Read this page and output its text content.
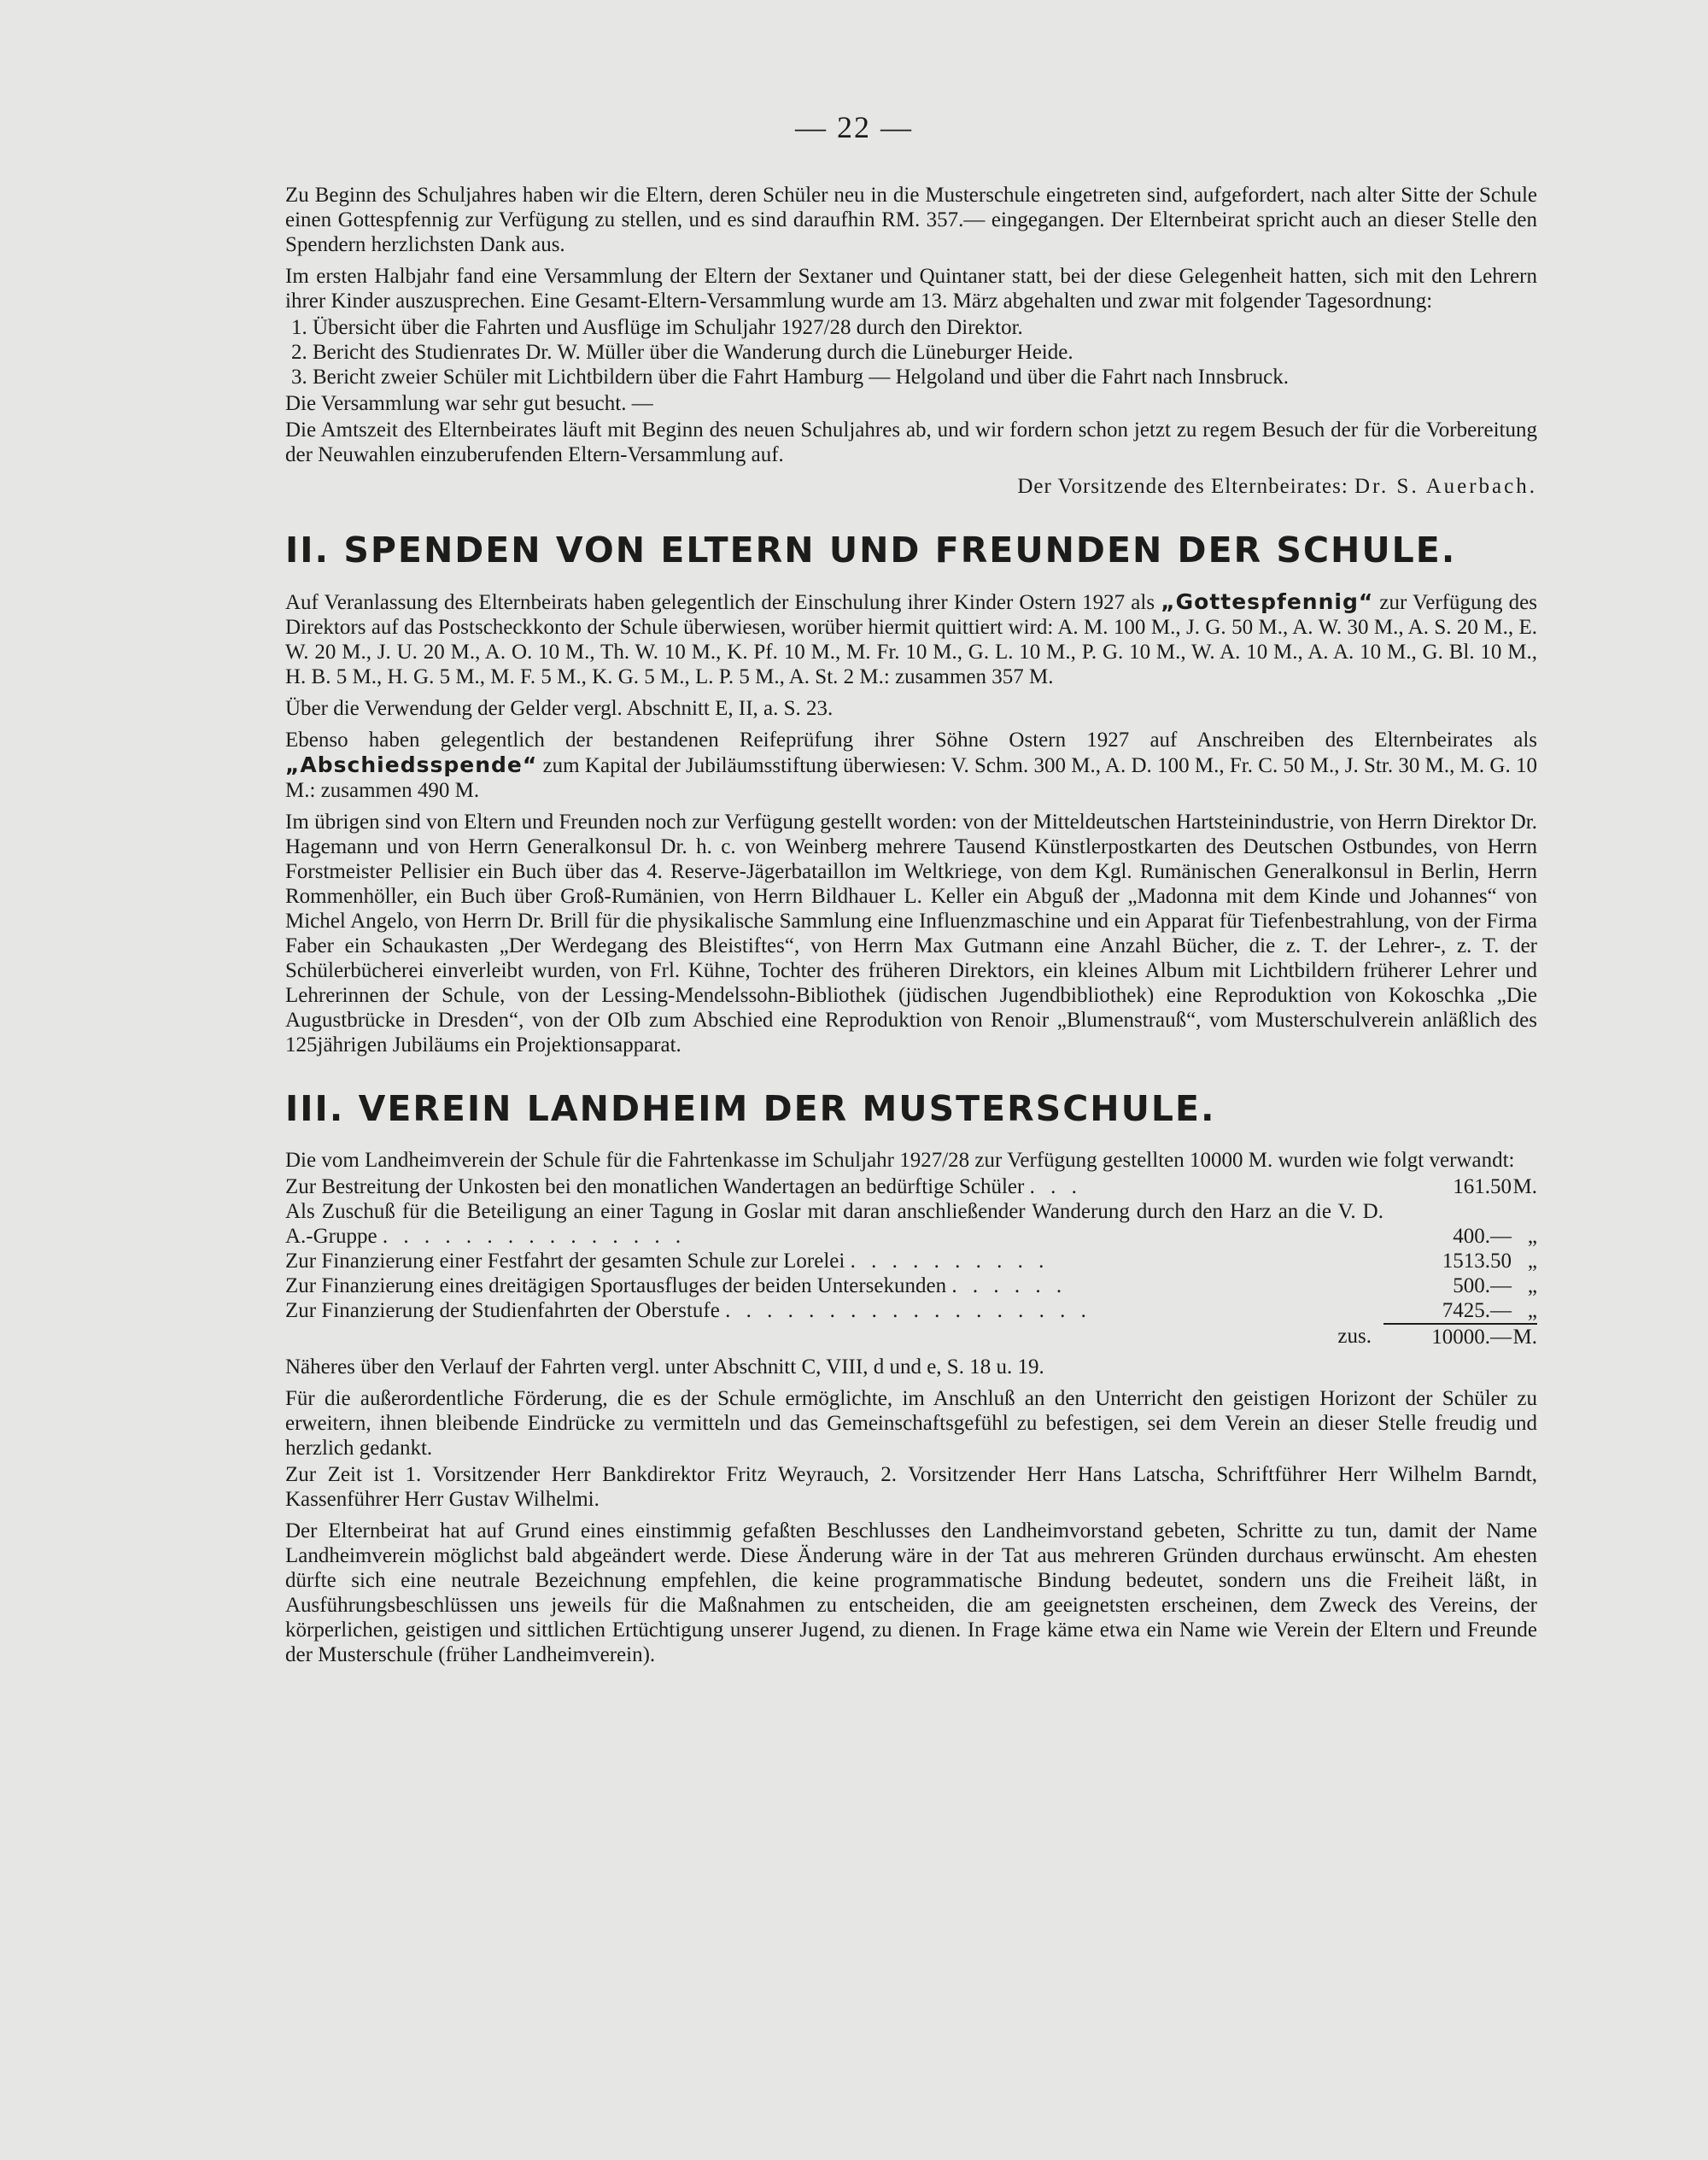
— 22 —

Zu Beginn des Schuljahres haben wir die Eltern, deren Schüler neu in die Musterschule eingetreten sind, aufgefordert, nach alter Sitte der Schule einen Gottespfennig zur Verfügung zu stellen, und es sind daraufhin RM. 357.— eingegangen. Der Elternbeirat spricht auch an dieser Stelle den Spendern herzlichsten Dank aus.

Im ersten Halbjahr fand eine Versammlung der Eltern der Sextaner und Quintaner statt, bei der diese Gelegenheit hatten, sich mit den Lehrern ihrer Kinder auszusprechen. Eine Gesamt-Eltern-Versammlung wurde am 13. März abgehalten und zwar mit folgender Tagesordnung:

1. Übersicht über die Fahrten und Ausflüge im Schuljahr 1927/28 durch den Direktor.
2. Bericht des Studienrates Dr. W. Müller über die Wanderung durch die Lüneburger Heide.
3. Bericht zweier Schüler mit Lichtbildern über die Fahrt Hamburg — Helgoland und über die Fahrt nach Innsbruck.

Die Versammlung war sehr gut besucht. —

Die Amtszeit des Elternbeirates läuft mit Beginn des neuen Schuljahres ab, und wir fordern schon jetzt zu regem Besuch der für die Vorbereitung der Neuwahlen einzuberufenden Eltern-Versammlung auf.

Der Vorsitzende des Elternbeirates: Dr. S. Auerbach.

II. SPENDEN VON ELTERN UND FREUNDEN DER SCHULE.

Auf Veranlassung des Elternbeirats haben gelegentlich der Einschulung ihrer Kinder Ostern 1927 als „Gottespfennig“ zur Verfügung des Direktors auf das Postscheckkonto der Schule überwiesen, worüber hiermit quittiert wird: A. M. 100 M., J. G. 50 M., A. W. 30 M., A. S. 20 M., E. W. 20 M., J. U. 20 M., A. O. 10 M., Th. W. 10 M., K. Pf. 10 M., M. Fr. 10 M., G. L. 10 M., P. G. 10 M., W. A. 10 M., A. A. 10 M., G. Bl. 10 M., H. B. 5 M., H. G. 5 M., M. F. 5 M., K. G. 5 M., L. P. 5 M., A. St. 2 M.: zusammen 357 M.

Über die Verwendung der Gelder vergl. Abschnitt E, II, a. S. 23.

Ebenso haben gelegentlich der bestandenen Reifeprüfung ihrer Söhne Ostern 1927 auf Anschreiben des Elternbeirates als „Abschiedsspende“ zum Kapital der Jubiläumsstiftung überwiesen: V. Schm. 300 M., A. D. 100 M., Fr. C. 50 M., J. Str. 30 M., M. G. 10 M.: zusammen 490 M.

Im übrigen sind von Eltern und Freunden noch zur Verfügung gestellt worden: von der Mitteldeutschen Hartsteinindustrie, von Herrn Direktor Dr. Hagemann und von Herrn Generalkonsul Dr. h. c. von Weinberg mehrere Tausend Künstlerpostkarten des Deutschen Ostbundes, von Herrn Forstmeister Pellisier ein Buch über das 4. Reserve-Jägerbataillon im Weltkriege, von dem Kgl. Rumänischen Generalkonsul in Berlin, Herrn Rommenhöller, ein Buch über Groß-Rumänien, von Herrn Bildhauer L. Keller ein Abguß der „Madonna mit dem Kinde und Johannes“ von Michel Angelo, von Herrn Dr. Brill für die physikalische Sammlung eine Influenzmaschine und ein Apparat für Tiefenbestrahlung, von der Firma Faber ein Schaukasten „Der Werdegang des Bleistiftes“, von Herrn Max Gutmann eine Anzahl Bücher, die z. T. der Lehrer-, z. T. der Schülerbücherei einverleibt wurden, von Frl. Kühne, Tochter des früheren Direktors, ein kleines Album mit Lichtbildern früherer Lehrer und Lehrerinnen der Schule, von der Lessing-Mendelssohn-Bibliothek (jüdischen Jugendbibliothek) eine Reproduktion von Kokoschka „Die Augustbrücke in Dresden“, von der OIb zum Abschied eine Reproduktion von Renoir „Blumenstrauß“, vom Musterschulverein anläßlich des 125jährigen Jubiläums ein Projektionsapparat.

III. VEREIN LANDHEIM DER MUSTERSCHULE.

Die vom Landheimverein der Schule für die Fahrtenkasse im Schuljahr 1927/28 zur Verfügung gestellten 10000 M. wurden wie folgt verwandt:

Zur Bestreitung der Unkosten bei den monatlichen Wandertagen an bedürftige Schüler . . .	161.50	M.
Als Zuschuß für die Beteiligung an einer Tagung in Goslar mit daran anschließender Wanderung durch den Harz an die V. D. A.-Gruppe . . . . . . . . . . . . . . .	400.—	„
Zur Finanzierung einer Festfahrt der gesamten Schule zur Lorelei . . . . . . . . . .	1513.50	„
Zur Finanzierung eines dreitägigen Sportausfluges der beiden Untersekunden . . . . . .	500.—	„
Zur Finanzierung der Studienfahrten der Oberstufe . . . . . . . . . . . . . . . . . .	7425.—	„
zus.	10000.—	M.

Näheres über den Verlauf der Fahrten vergl. unter Abschnitt C, VIII, d und e, S. 18 u. 19.

Für die außerordentliche Förderung, die es der Schule ermöglichte, im Anschluß an den Unterricht den geistigen Horizont der Schüler zu erweitern, ihnen bleibende Eindrücke zu vermitteln und das Gemeinschaftsgefühl zu befestigen, sei dem Verein an dieser Stelle freudig und herzlich gedankt.

Zur Zeit ist 1. Vorsitzender Herr Bankdirektor Fritz Weyrauch, 2. Vorsitzender Herr Hans Latscha, Schriftführer Herr Wilhelm Barndt, Kassenführer Herr Gustav Wilhelmi.

Der Elternbeirat hat auf Grund eines einstimmig gefaßten Beschlusses den Landheimvorstand gebeten, Schritte zu tun, damit der Name Landheimverein möglichst bald abgeändert werde. Diese Änderung wäre in der Tat aus mehreren Gründen durchaus erwünscht. Am ehesten dürfte sich eine neutrale Bezeichnung empfehlen, die keine programmatische Bindung bedeutet, sondern uns die Freiheit läßt, in Ausführungsbeschlüssen uns jeweils für die Maßnahmen zu entscheiden, die am geeignetsten erscheinen, dem Zweck des Vereins, der körperlichen, geistigen und sittlichen Ertüchtigung unserer Jugend, zu dienen. In Frage käme etwa ein Name wie Verein der Eltern und Freunde der Musterschule (früher Landheimverein).
